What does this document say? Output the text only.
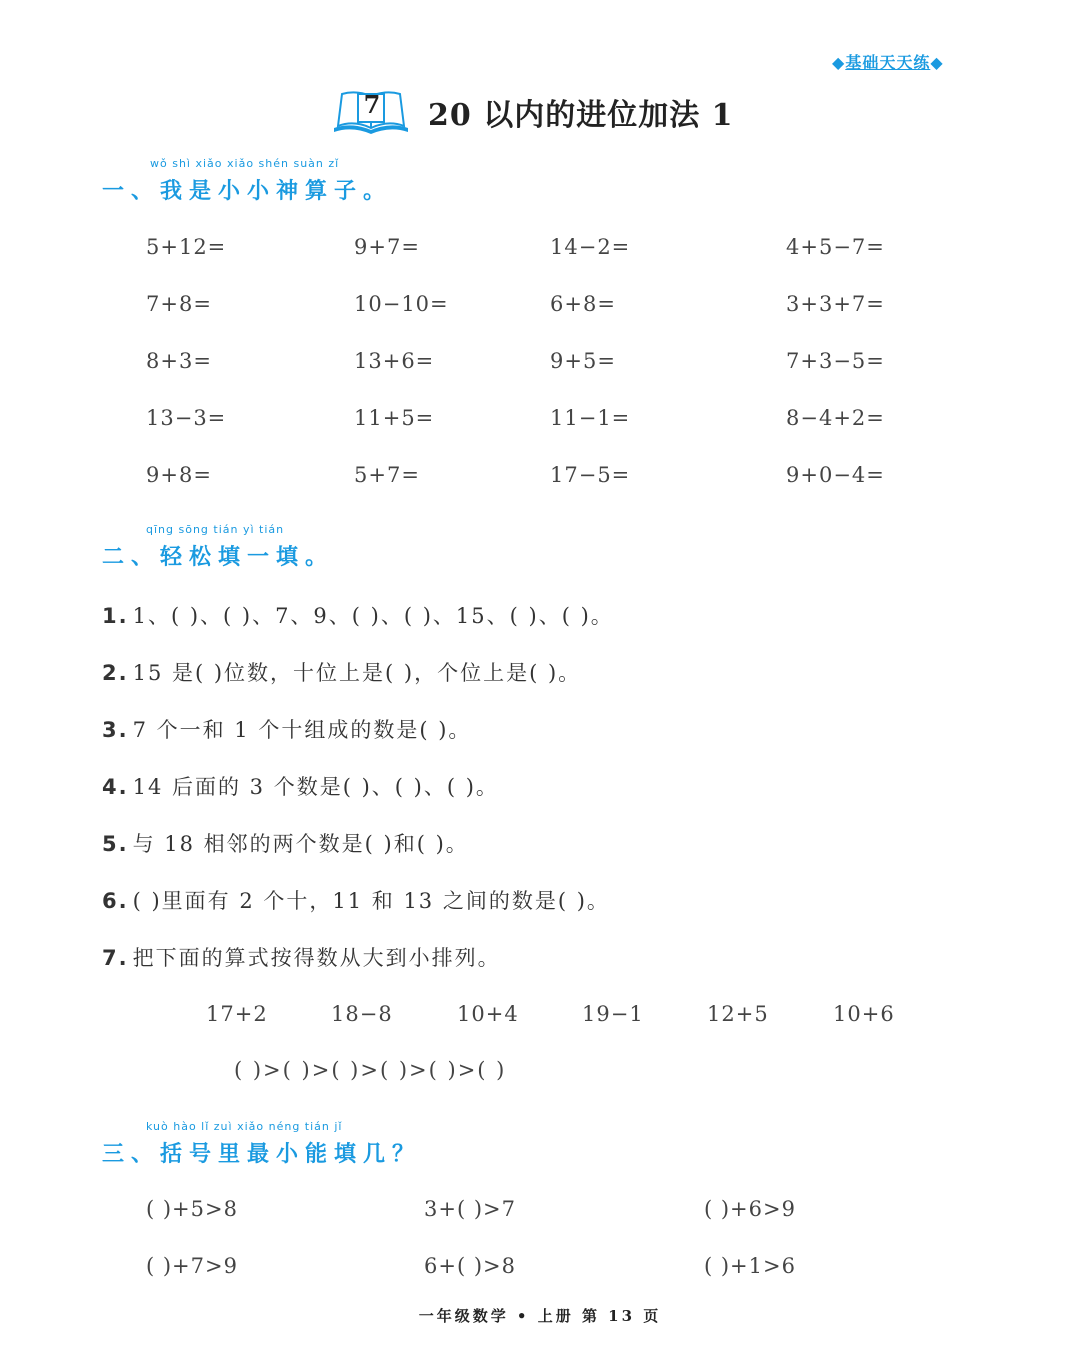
◆基础天天练◆
7 20 以内的进位加法 1
wǒ shì xiǎo xiǎo shén suàn zǐ
一、我是小小神算子。
5+12=	9+7=	14−2=	4+5−7=
7+8=	10−10=	6+8=	3+3+7=
8+3=	13+6=	9+5=	7+3−5=
13−3=	11+5=	11−1=	8−4+2=
9+8=	5+7=	17−5=	9+0−4=
qīng sōng tián yì tián
二、轻松填一填。
1. 1、( )、( )、7、9、( )、( )、15、( )、( )。
2. 15 是( )位数，十位上是( )，个位上是( )。
3. 7 个一和 1 个十组成的数是( )。
4. 14 后面的 3 个数是( )、( )、( )。
5. 与 18 相邻的两个数是( )和( )。
6. ( )里面有 2 个十，11 和 13 之间的数是( )。
7. 把下面的算式按得数从大到小排列。
17+2	18−8	10+4	19−1	12+5	10+6
( )>( )>( )>( )>( )>( )
kuò hào lǐ zuì xiǎo néng tián jǐ
三、括号里最小能填几？
( )+5>8	3+( )>7	( )+6>9
( )+7>9	6+( )>8	( )+1>6
一年级数学 • 上册 第 13 页
